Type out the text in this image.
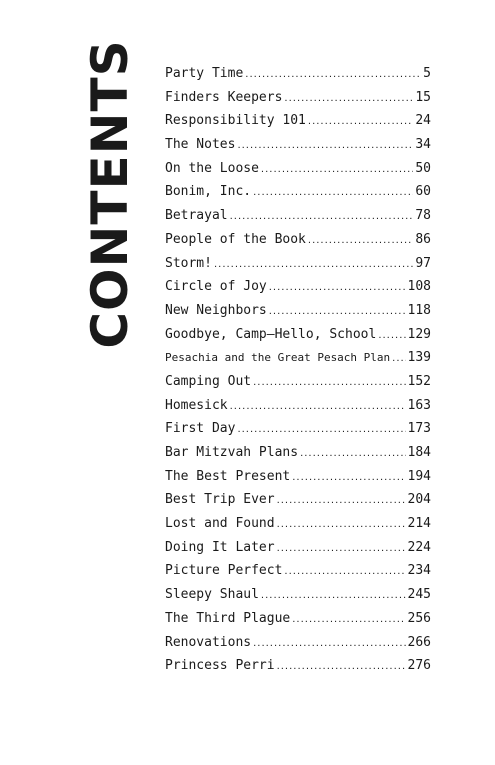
CONTENTS Party Time .....	5
Finders Keepers .....	15
Responsibility 101 .....	24
The Notes .....	34
On the Loose .....	50
Bonim, Inc. .....	60
Betrayal .....	78
People of the Book .....	86
Storm! .....	97
Circle of Joy .....	108
New Neighbors .....	118
Goodbye, Camp—Hello, School ..... 129
Pesachia and the Great Pesach Plan ..... 139
Camping Out .....	152
Homesick .....	163
First Day .....	173
Bar Mitzvah Plans .....	184
The Best Present .....	194
Best Trip Ever .....	204
Lost and Found .....	214
Doing It Later .....	224
Picture Perfect .....	234
Sleepy Shaul .....	245
The Third Plague .....	256
Renovations .....	266
Princess Perri .....	276
